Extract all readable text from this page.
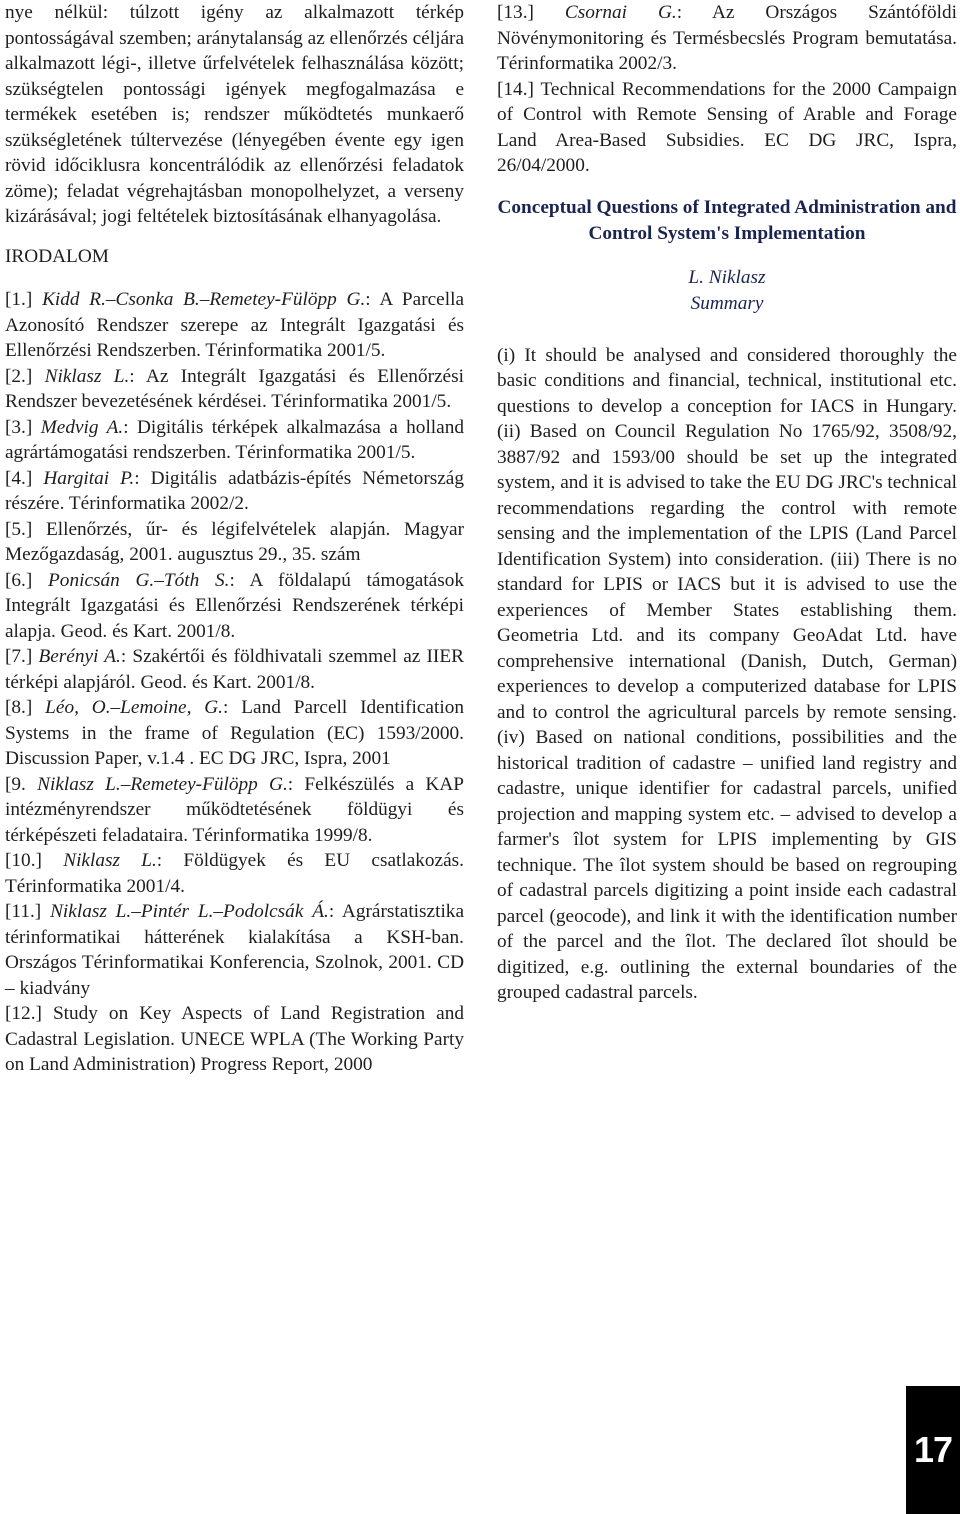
nye nélkül: túlzott igény az alkalmazott térkép pontosságával szemben; aránytalanság az ellenőrzés céljára alkalmazott légi-, illetve űrfelvételek felhasználása között; szükségtelen pontossági igények megfogalmazása e termékek esetében is; rendszer működtetés munkaerő szükségletének túltervezése (lényegében évente egy igen rövid időciklusra koncentrálódik az ellenőrzési feladatok zöme); feladat végrehajtásban monopolhelyzet, a verseny kizárásával; jogi feltételek biztosításának elhanyagolása.

IRODALOM

[1.] Kidd R.–Csonka B.–Remetey-Fülöpp G.: A Parcella Azonosító Rendszer szerepe az Integrált Igazgatási és Ellenőrzési Rendszerben. Térinformatika 2001/5.

[2.] Niklasz L.: Az Integrált Igazgatási és Ellenőrzési Rendszer bevezetésének kérdései. Térinformatika 2001/5.

[3.] Medvig A.: Digitális térképek alkalmazása a holland agrártámogatási rendszerben. Térinformatika 2001/5.

[4.] Hargitai P.: Digitális adatbázis-építés Németország részére. Térinformatika 2002/2.

[5.] Ellenőrzés, űr- és légifelvételek alapján. Magyar Mezőgazdaság, 2001. augusztus 29., 35. szám

[6.] Ponicsán G.–Tóth S.: A földalapú támogatások Integrált Igazgatási és Ellenőrzési Rendszerének térképi alapja. Geod. és Kart. 2001/8.

[7.] Berényi A.: Szakértői és földhivatali szemmel az IIER térképi alapjáról. Geod. és Kart. 2001/8.

[8.] Léo, O.–Lemoine, G.: Land Parcell Identification Systems in the frame of Regulation (EC) 1593/2000. Discussion Paper, v.1.4 . EC DG JRC, Ispra, 2001

[9. Niklasz L.–Remetey-Fülöpp G.: Felkészülés a KAP intézményrendszer működtetésének földügyi és térképészeti feladataira. Térinformatika 1999/8.

[10.] Niklasz L.: Földügyek és EU csatlakozás. Térinformatika 2001/4.

[11.] Niklasz L.–Pintér L.–Podolcsák Á.: Agrárstatisztika térinformatikai hátterének kialakítása a KSH-ban. Országos Térinformatikai Konferencia, Szolnok, 2001. CD – kiadvány

[12.] Study on Key Aspects of Land Registration and Cadastral Legislation. UNECE WPLA (The Working Party on Land Administration) Progress Report, 2000

[13.] Csornai G.: Az Országos Szántóföldi Növénymonitoring és Termésbecslés Program bemutatása. Térinformatika 2002/3.

[14.] Technical Recommendations for the 2000 Campaign of Control with Remote Sensing of Arable and Forage Land Area-Based Subsidies. EC DG JRC, Ispra, 26/04/2000.

Conceptual Questions of Integrated Administration and Control System's Implementation

L. Niklasz

Summary

(i) It should be analysed and considered thoroughly the basic conditions and financial, technical, institutional etc. questions to develop a conception for IACS in Hungary. (ii) Based on Council Regulation No 1765/92, 3508/92, 3887/92 and 1593/00 should be set up the integrated system, and it is advised to take the EU DG JRC's technical recommendations regarding the control with remote sensing and the implementation of the LPIS (Land Parcel Identification System) into consideration. (iii) There is no standard for LPIS or IACS but it is advised to use the experiences of Member States establishing them. Geometria Ltd. and its company GeoAdat Ltd. have comprehensive international (Danish, Dutch, German) experiences to develop a computerized database for LPIS and to control the agricultural parcels by remote sensing. (iv) Based on national conditions, possibilities and the historical tradition of cadastre – unified land registry and cadastre, unique identifier for cadastral parcels, unified projection and mapping system etc. – advised to develop a farmer's îlot system for LPIS implementing by GIS technique. The îlot system should be based on regrouping of cadastral parcels digitizing a point inside each cadastral parcel (geocode), and link it with the identification number of the parcel and the îlot. The declared îlot should be digitized, e.g. outlining the external boundaries of the grouped cadastral parcels.

17
